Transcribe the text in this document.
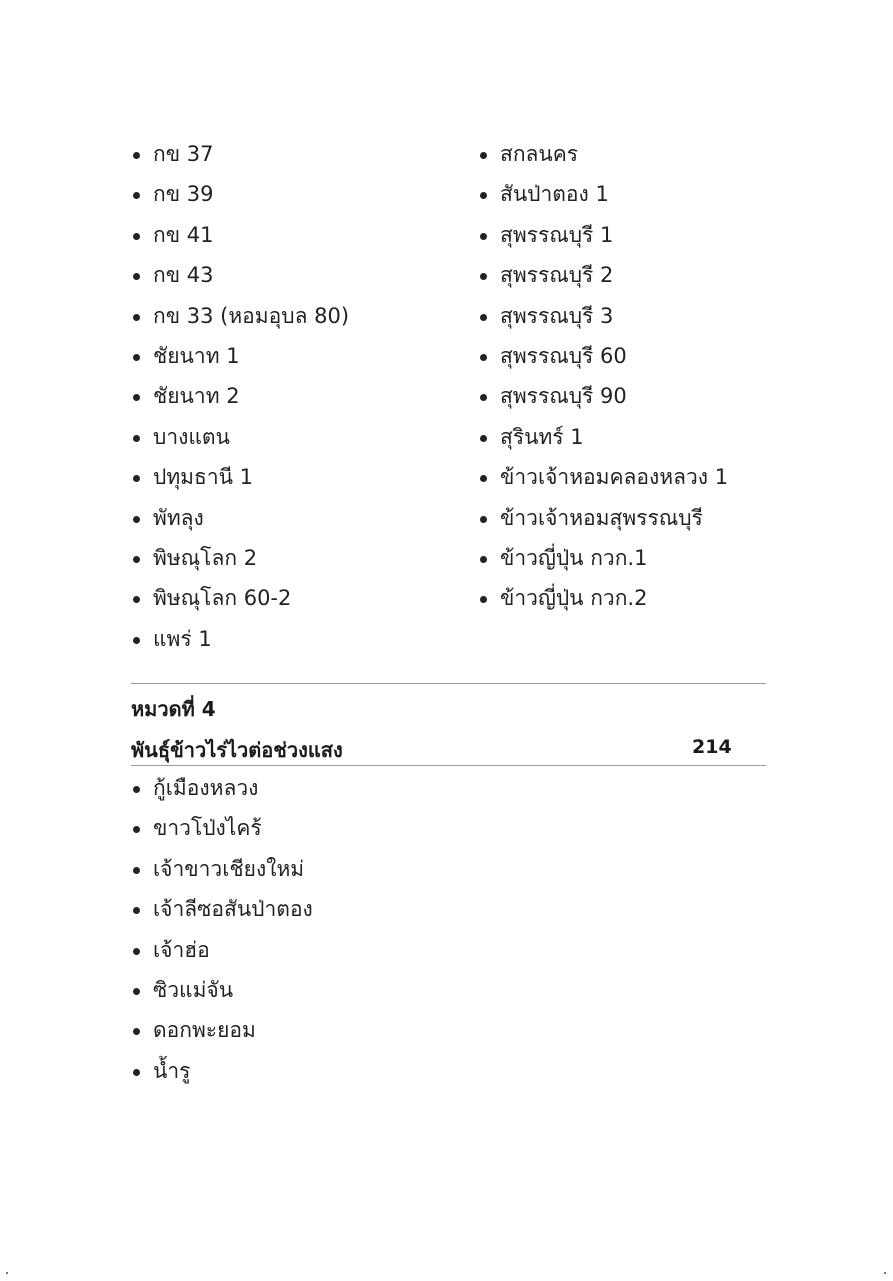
กข 37
กข 39
กข 41
กข 43
กข 33 (หอมอุบล 80)
ชัยนาท 1
ชัยนาท 2
บางแตน
ปทุมธานี 1
พัทลุง
พิษณุโลก 2
พิษณุโลก 60-2
แพร่ 1
สกลนคร
สันป่าตอง 1
สุพรรณบุรี 1
สุพรรณบุรี 2
สุพรรณบุรี 3
สุพรรณบุรี 60
สุพรรณบุรี 90
สุรินทร์ 1
ข้าวเจ้าหอมคลองหลวง 1
ข้าวเจ้าหอมสุพรรณบุรี
ข้าวญี่ปุ่น กวก.1
ข้าวญี่ปุ่น กวก.2
หมวดที่ 4
พันธุ์ข้าวไร่ไวต่อช่วงแสง	214
กู้เมืองหลวง
ขาวโป่งไคร้
เจ้าขาวเชียงใหม่
เจ้าลีซอสันป่าตอง
เจ้าฮ่อ
ซิวแม่จัน
ดอกพะยอม
น้ำรู
